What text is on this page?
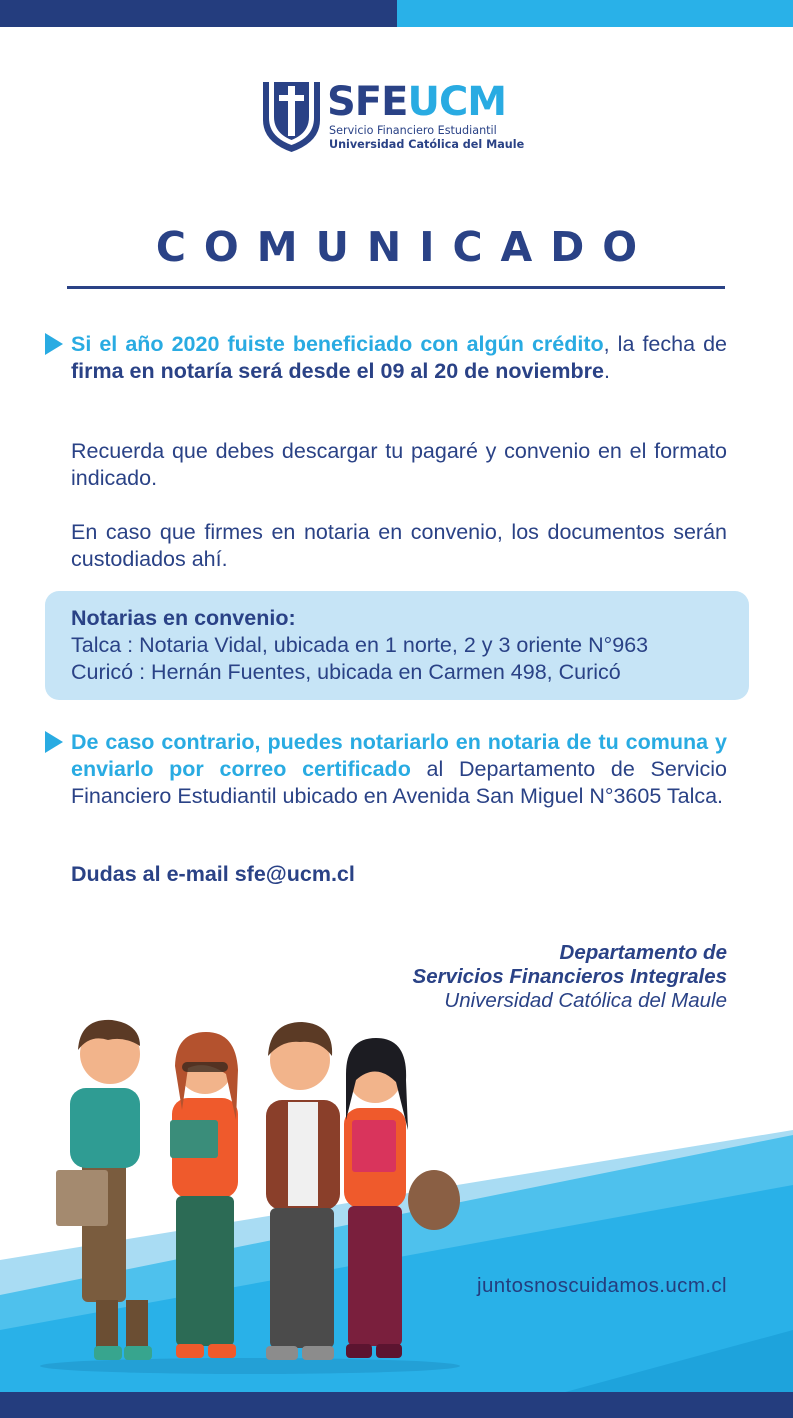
SFEUCM
Servicio Financiero Estudiantil
Universidad Católica del Maule
COMUNICADO
Si el año 2020 fuiste beneficiado con algún crédito, la fecha de firma en notaría será desde el 09 al 20 de noviembre.
Recuerda que debes descargar tu pagaré y convenio en el formato indicado.
En caso que firmes en notaria en convenio, los documentos serán custodiados ahí.
Notarias en convenio:
Talca : Notaria Vidal, ubicada en 1 norte, 2 y 3 oriente N°963
Curicó : Hernán Fuentes, ubicada en Carmen 498, Curicó
De caso contrario, puedes notariarlo en notaria de tu comuna y enviarlo por correo certificado al Departamento de Servicio Financiero Estudiantil ubicado en Avenida San Miguel N°3605 Talca.
Dudas al e-mail sfe@ucm.cl
Departamento de
Servicios Financieros Integrales
Universidad Católica del Maule
juntosnoscuidamos.ucm.cl
